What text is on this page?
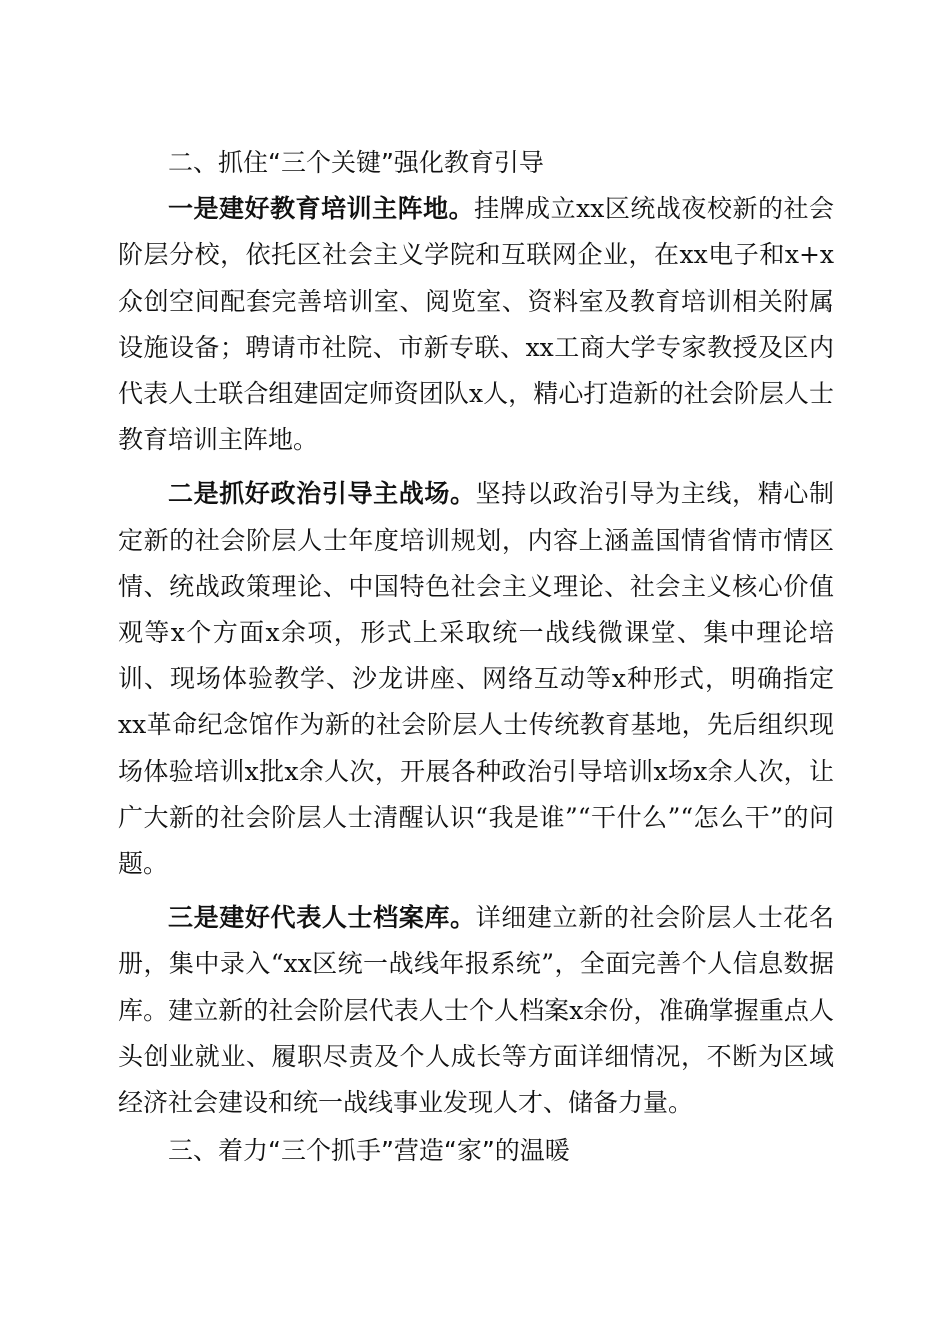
二、抓住“三个关键”强化教育引导

一是建好教育培训主阵地。挂牌成立xx区统战夜校新的社会阶层分校，依托区社会主义学院和互联网企业，在xx电子和x+x众创空间配套完善培训室、阅览室、资料室及教育培训相关附属设施设备；聘请市社院、市新专联、xx工商大学专家教授及区内代表人士联合组建固定师资团队x人，精心打造新的社会阶层人士教育培训主阵地。

二是抓好政治引导主战场。坚持以政治引导为主线，精心制定新的社会阶层人士年度培训规划，内容上涵盖国情省情市情区情、统战政策理论、中国特色社会主义理论、社会主义核心价值观等x个方面x余项，形式上采取统一战线微课堂、集中理论培训、现场体验教学、沙龙讲座、网络互动等x种形式，明确指定xx革命纪念馆作为新的社会阶层人士传统教育基地，先后组织现场体验培训x批x余人次，开展各种政治引导培训x场x余人次，让广大新的社会阶层人士清醒认识“我是谁”“干什么”“怎么干”的问题。

三是建好代表人士档案库。详细建立新的社会阶层人士花名册，集中录入“xx区统一战线年报系统”，全面完善个人信息数据库。建立新的社会阶层代表人士个人档案x余份，准确掌握重点人头创业就业、履职尽责及个人成长等方面详细情况，不断为区域经济社会建设和统一战线事业发现人才、储备力量。

三、着力“三个抓手”营造“家”的温暖
